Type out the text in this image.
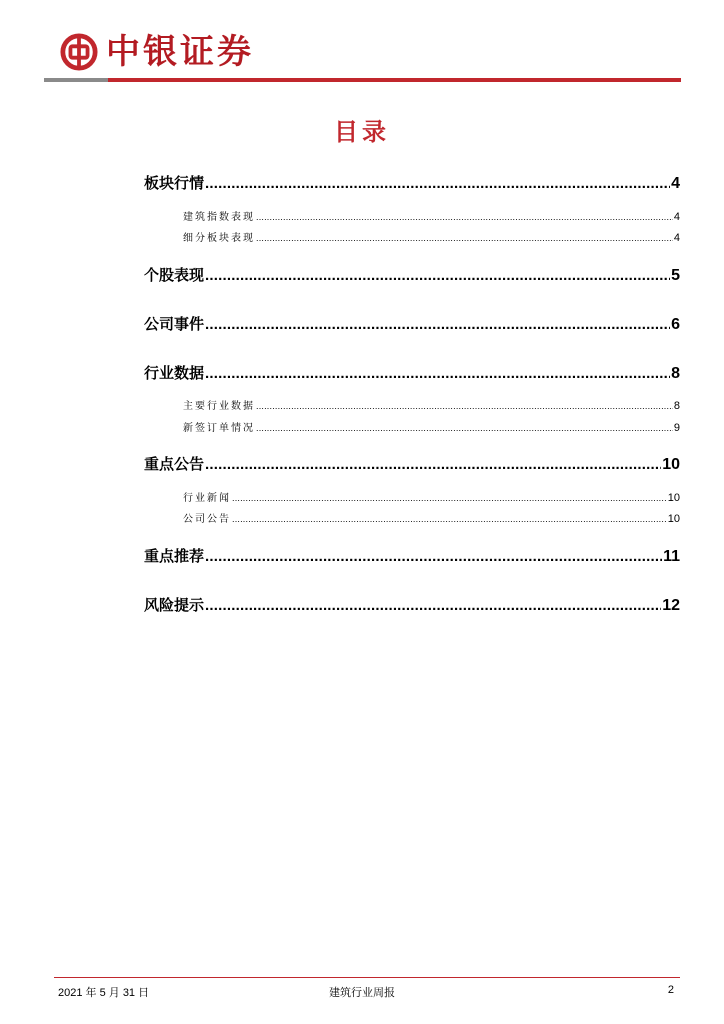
中银证券
目录
板块行情 .....	4
建筑指数表现 .....	4
细分板块表现 .....	4
个股表现 .....	5
公司事件 .....	6
行业数据 .....	8
主要行业数据 .....	8
新签订单情况 .....	9
重点公告 .....	10
行业新闻 .....	10
公司公告 .....	10
重点推荐 .....	11
风险提示 .....	12
2021 年 5 月 31 日	建筑行业周报	2
